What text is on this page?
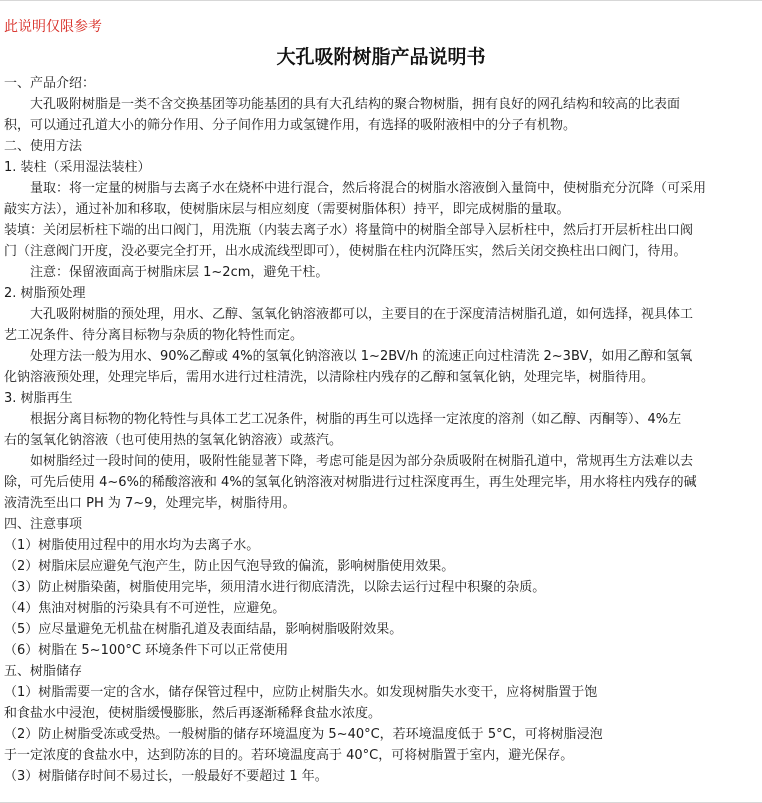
此说明仅限参考
大孔吸附树脂产品说明书
一、产品介绍：
　　大孔吸附树脂是一类不含交换基团等功能基团的具有大孔结构的聚合物树脂，拥有良好的网孔结构和较高的比表面
积，可以通过孔道大小的筛分作用、分子间作用力或氢键作用，有选择的吸附液相中的分子有机物。
二、使用方法
1. 装柱（采用湿法装柱）
　　量取：将一定量的树脂与去离子水在烧杯中进行混合，然后将混合的树脂水溶液倒入量筒中，使树脂充分沉降（可采用
敲实方法），通过补加和移取，使树脂床层与相应刻度（需要树脂体积）持平，即完成树脂的量取。
装填：关闭层析柱下端的出口阀门，用洗瓶（内装去离子水）将量筒中的树脂全部导入层析柱中，然后打开层析柱出口阀
门（注意阀门开度，没必要完全打开，出水成流线型即可），使树脂在柱内沉降压实，然后关闭交换柱出口阀门，待用。
　　注意：保留液面高于树脂床层 1~2cm，避免干柱。
2. 树脂预处理
　　大孔吸附树脂的预处理，用水、乙醇、氢氧化钠溶液都可以，主要目的在于深度清洁树脂孔道，如何选择，视具体工
艺工况条件、待分离目标物与杂质的物化特性而定。
　　处理方法一般为用水、90%乙醇或 4%的氢氧化钠溶液以 1~2BV/h 的流速正向过柱清洗 2~3BV，如用乙醇和氢氧
化钠溶液预处理，处理完毕后，需用水进行过柱清洗，以清除柱内残存的乙醇和氢氧化钠，处理完毕，树脂待用。
3. 树脂再生
　　根据分离目标物的物化特性与具体工艺工况条件，树脂的再生可以选择一定浓度的溶剂（如乙醇、丙酮等）、4%左
右的氢氧化钠溶液（也可使用热的氢氧化钠溶液）或蒸汽。
　　如树脂经过一段时间的使用，吸附性能显著下降，考虑可能是因为部分杂质吸附在树脂孔道中，常规再生方法难以去
除，可先后使用 4~6%的稀酸溶液和 4%的氢氧化钠溶液对树脂进行过柱深度再生，再生处理完毕，用水将柱内残存的碱
液清洗至出口 PH 为 7~9，处理完毕，树脂待用。
四、注意事项
（1）树脂使用过程中的用水均为去离子水。
（2）树脂床层应避免气泡产生，防止因气泡导致的偏流，影响树脂使用效果。
（3）防止树脂染菌，树脂使用完毕，须用清水进行彻底清洗，以除去运行过程中积聚的杂质。
（4）焦油对树脂的污染具有不可逆性，应避免。
（5）应尽量避免无机盐在树脂孔道及表面结晶，影响树脂吸附效果。
（6）树脂在 5~100°C 环境条件下可以正常使用
五、树脂储存
（1）树脂需要一定的含水，储存保管过程中，应防止树脂失水。如发现树脂失水变干，应将树脂置于饱
和食盐水中浸泡，使树脂缓慢膨胀，然后再逐渐稀释食盐水浓度。
（2）防止树脂受冻或受热。一般树脂的储存环境温度为 5~40°C，若环境温度低于 5°C，可将树脂浸泡
于一定浓度的食盐水中，达到防冻的目的。若环境温度高于 40°C，可将树脂置于室内，避光保存。
（3）树脂储存时间不易过长，一般最好不要超过 1 年。
